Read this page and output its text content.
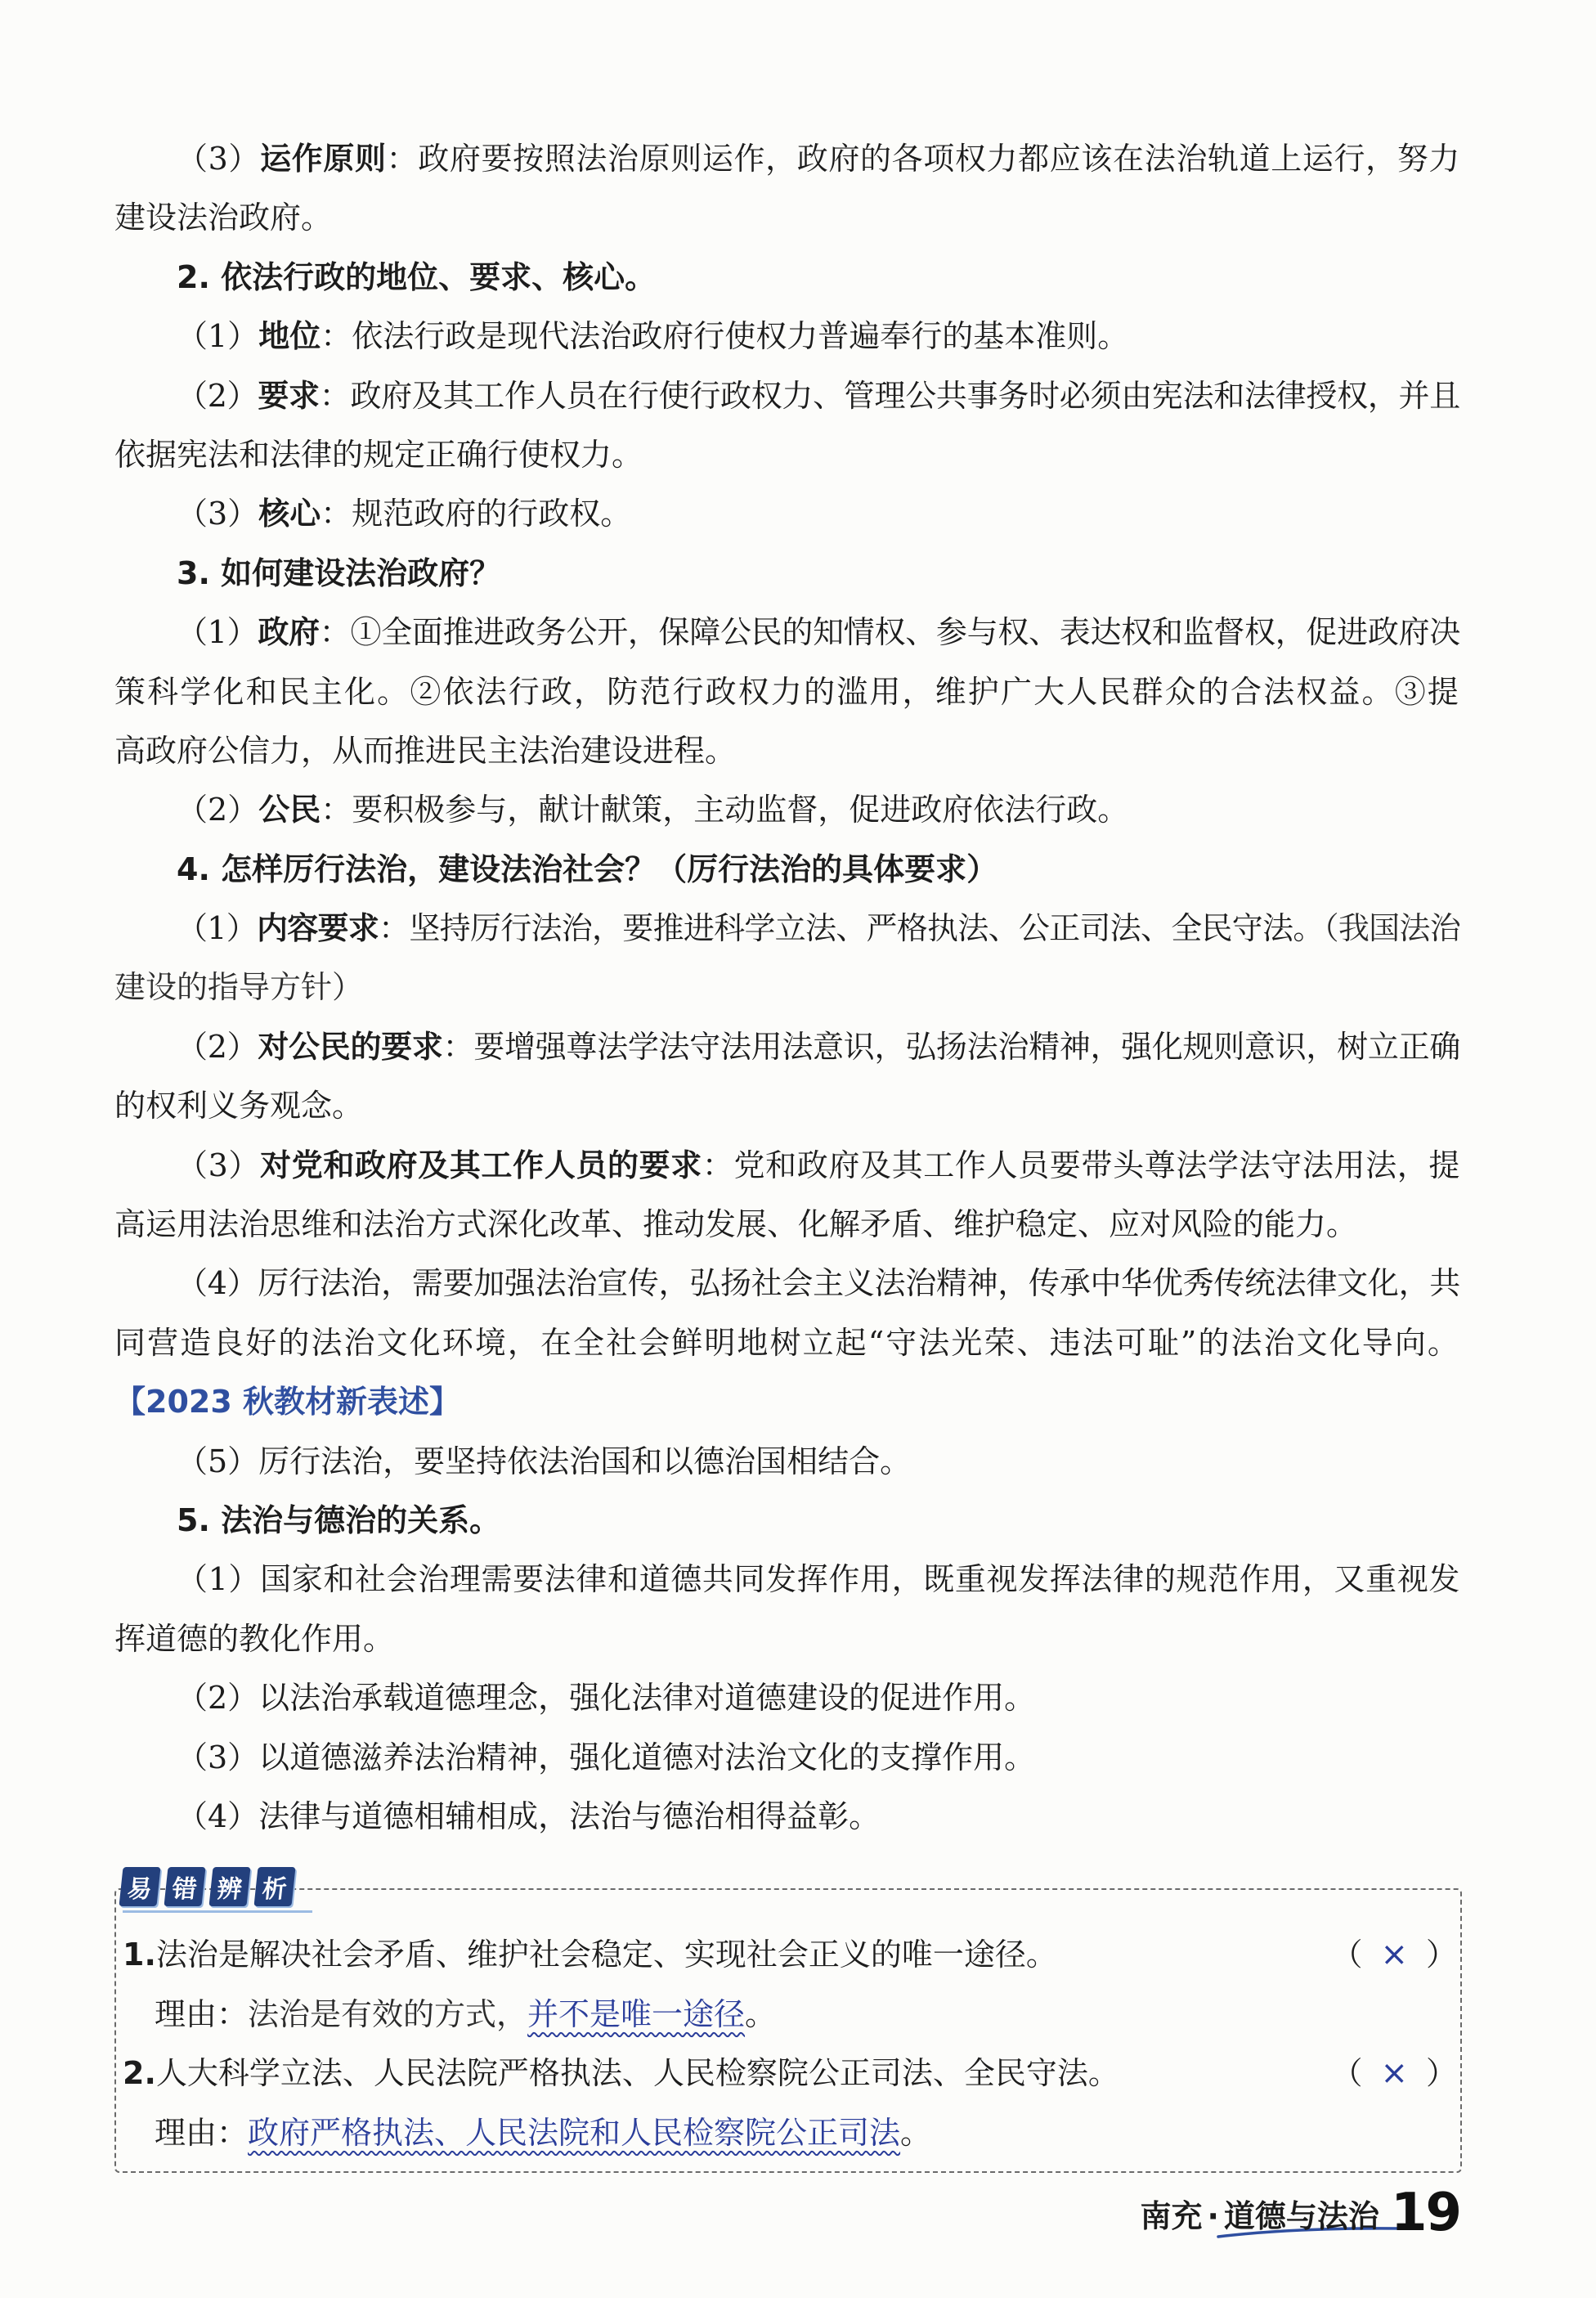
（3）运作原则：政府要按照法治原则运作，政府的各项权力都应该在法治轨道上运行，努力
建设法治政府。
2. 依法行政的地位、要求、核心。
（1）地位：依法行政是现代法治政府行使权力普遍奉行的基本准则。
（2）要求：政府及其工作人员在行使行政权力、管理公共事务时必须由宪法和法律授权，并且
依据宪法和法律的规定正确行使权力。
（3）核心：规范政府的行政权。
3. 如何建设法治政府？
（1）政府：①全面推进政务公开，保障公民的知情权、参与权、表达权和监督权，促进政府决
策科学化和民主化。②依法行政，防范行政权力的滥用，维护广大人民群众的合法权益。③提
高政府公信力，从而推进民主法治建设进程。
（2）公民：要积极参与，献计献策，主动监督，促进政府依法行政。
4. 怎样厉行法治，建设法治社会？（厉行法治的具体要求）
（1）内容要求：坚持厉行法治，要推进科学立法、严格执法、公正司法、全民守法。（我国法治
建设的指导方针）
（2）对公民的要求：要增强尊法学法守法用法意识，弘扬法治精神，强化规则意识，树立正确
的权利义务观念。
（3）对党和政府及其工作人员的要求：党和政府及其工作人员要带头尊法学法守法用法，提
高运用法治思维和法治方式深化改革、推动发展、化解矛盾、维护稳定、应对风险的能力。
（4）厉行法治，需要加强法治宣传，弘扬社会主义法治精神，传承中华优秀传统法律文化，共
同营造良好的法治文化环境，在全社会鲜明地树立起“守法光荣、违法可耻”的法治文化导向。
【2023 秋教材新表述】
（5）厉行法治，要坚持依法治国和以德治国相结合。
5. 法治与德治的关系。
（1）国家和社会治理需要法律和道德共同发挥作用，既重视发挥法律的规范作用，又重视发
挥道德的教化作用。
（2）以法治承载道德理念，强化法律对道德建设的促进作用。
（3）以道德滋养法治精神，强化道德对法治文化的支撑作用。
（4）法律与道德相辅相成，法治与德治相得益彰。
1.法治是解决社会矛盾、维护社会稳定、实现社会正义的唯一途径。	（ × ）
理由：法治是有效的方式，并不是唯一途径。
2.人大科学立法、人民法院严格执法、人民检察院公正司法、全民守法。	（ × ）
理由：政府严格执法、人民法院和人民检察院公正司法。
易 错 辨 析
南充 · 道德与法治 19
